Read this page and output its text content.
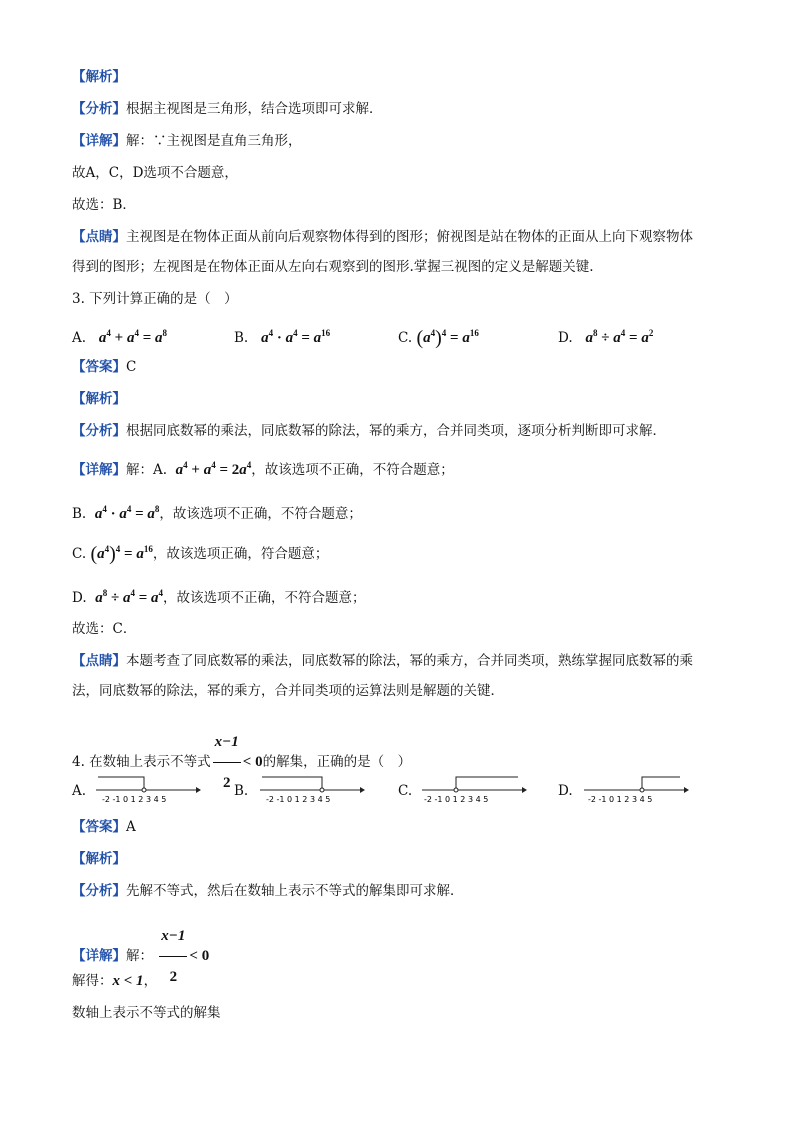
【解析】
【分析】根据主视图是三角形，结合选项即可求解．
【详解】解：∵主视图是直角三角形，
故A，C，D选项不合题意，
故选：B．
【点睛】主视图是在物体正面从前向后观察物体得到的图形；俯视图是站在物体的正面从上向下观察物体
得到的图形；左视图是在物体正面从左向右观察到的图形.掌握三视图的定义是解题关键.
3. 下列计算正确的是（　）
A. $a^4 + a^4 = a^8$	B. $a^4 \cdot a^4 = a^{16}$	C. $(a^4)^4 = a^{16}$	D. $a^8 \div a^4 = a^2$
【答案】C
【解析】
【分析】根据同底数幂的乘法，同底数幂的除法，幂的乘方，合并同类项，逐项分析判断即可求解．
【详解】解：A. $a^4 + a^4 = 2a^4$，故该选项不正确，不符合题意；
B. $a^4 \cdot a^4 = a^8$，故该选项不正确，不符合题意；
C. $(a^4)^4 = a^{16}$，故该选项正确，符合题意；
D. $a^8 \div a^4 = a^4$，故该选项不正确，不符合题意；
故选：C．
【点睛】本题考查了同底数幂的乘法，同底数幂的除法，幂的乘方，合并同类项，熟练掌握同底数幂的乘
法，同底数幂的除法，幂的乘方，合并同类项的运算法则是解题的关键．
4. 在数轴上表示不等式 $\frac{x-1}{2} < 0$的解集，正确的是（　）
A.
-2 -1 0 1 2 3 4 5
B.
-2 -1 0 1 2 3 4 5
C.
-2 -1 0 1 2 3 4 5
D.
-2 -1 0 1 2 3 4 5
【答案】A
【解析】
【分析】先解不等式，然后在数轴上表示不等式的解集即可求解．
【详解】解： $\frac{x-1}{2} < 0$
解得：x < 1，
数轴上表示不等式的解集
